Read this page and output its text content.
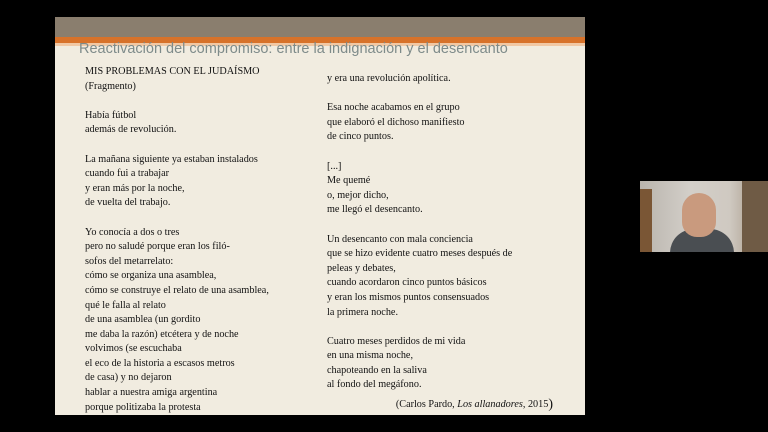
Reactivación del compromiso: entre la indignación y el desencanto
MIS PROBLEMAS CON EL JUDAÍSMO
(Fragmento)
Había fútbol
además de revolución.
La mañana siguiente ya estaban instalados
cuando fui a trabajar
y eran más por la noche,
de vuelta del trabajo.
Yo conocía a dos o tres
pero no saludé porque eran los filó-
sofos del metarrelato:
cómo se organiza una asamblea,
cómo se construye el relato de una asamblea,
qué le falla al relato
de una asamblea (un gordito
me daba la razón) etcétera y de noche
volvimos (se escuchaba
el eco de la historia a escasos metros
de casa) y no dejaron
hablar a nuestra amiga argentina
porque politizaba la protesta
y era una revolución apolítica.
Esa noche acabamos en el grupo
que elaboró el dichoso manifiesto
de cinco puntos.
[...]
Me quemé
o, mejor dicho,
me llegó el desencanto.
Un desencanto con mala conciencia
que se hizo evidente cuatro meses después de
peleas y debates,
cuando acordaron cinco puntos básicos
y eran los mismos puntos consensuados
la primera noche.
Cuatro meses perdidos de mi vida
en una misma noche,
chapoteando en la saliva
al fondo del megáfono.
(Carlos Pardo, Los allanadores, 2015)
